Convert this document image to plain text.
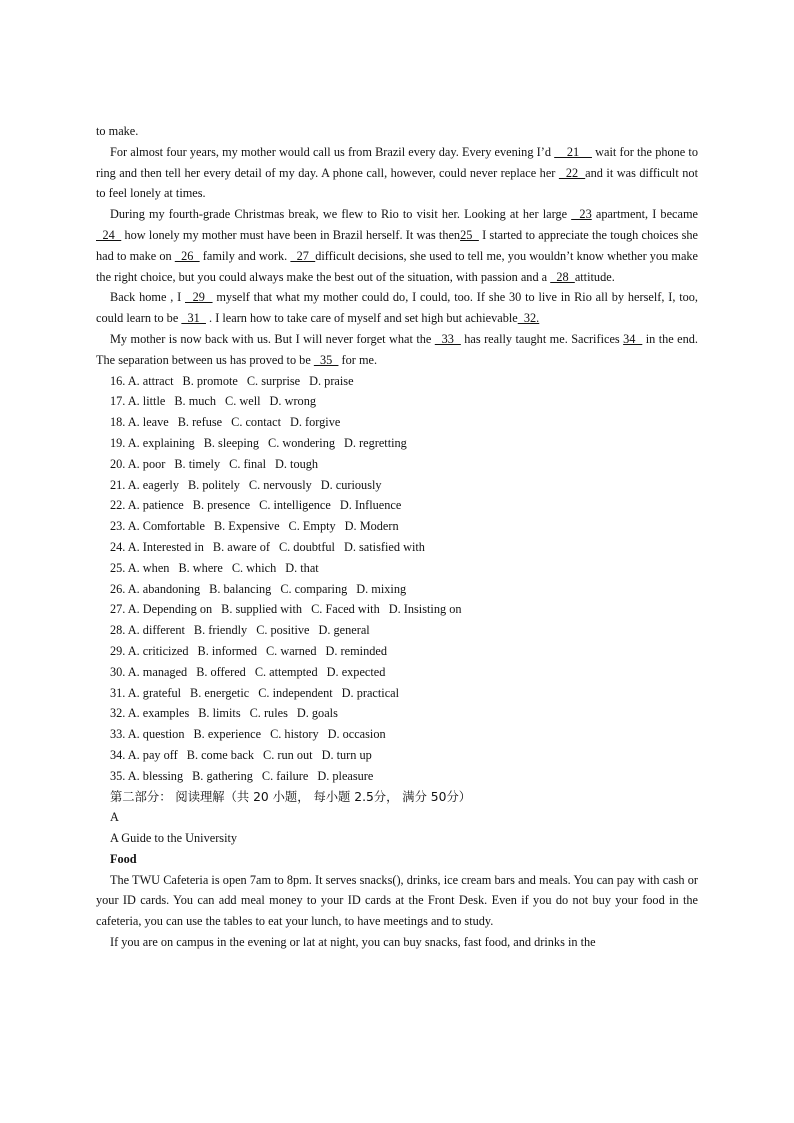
to make.

For almost four years, my mother would call us from Brazil every day. Every evening I’d     21     wait for the phone to ring and then tell her every detail of my day. A phone call, however, could never replace her   22  and it was difficult not to feel lonely at times.

During my fourth-grade Christmas break, we flew to Rio to visit her. Looking at her large   23 apartment, I became   24   how lonely my mother must have been in Brazil herself. It was then25   I started to appreciate the tough choices she had to make on   26   family and work.   27  difficult decisions, she used to tell me, you wouldn’t know whether you make the right choice, but you could always make the best out of the situation, with passion and a   28  attitude.

Back home , I   29   myself that what my mother could do, I could, too. If she 30 to live in Rio all by herself, I, too, could learn to be   31   . I learn how to take care of myself and set high but achievable  32.

My mother is now back with us. But I will never forget what the   33   has really taught me. Sacrifices 34   in the end. The separation between us has proved to be   35   for me.

16. A. attract B. promote C. surprise D. praise

17. A. little B. much C. well D. wrong

18. A. leave B. refuse C. contact D. forgive

19. A. explaining B. sleeping C. wondering D. regretting

20. A. poor B. timely C. final D. tough

21. A. eagerly B. politely C. nervously D. curiously

22. A. patience B. presence C. intelligence D. Influence

23. A. Comfortable B. Expensive C. Empty D. Modern

24. A. Interested in B. aware of C. doubtful D. satisfied with

25. A. when B. where C. which D. that

26. A. abandoning B. balancing C. comparing D. mixing

27. A. Depending on B. supplied with C. Faced with D. Insisting on

28. A. different B. friendly C. positive D. general

29. A. criticized B. informed C. warned D. reminded

30. A. managed B. offered C. attempted D. expected

31. A. grateful B. energetic C. independent D. practical

32. A. examples B. limits C. rules D. goals

33. A. question B. experience C. history D. occasion

34. A. pay off B. come back C. run out D. turn up

35. A. blessing B. gathering C. failure D. pleasure

第二部分： 阅读理解（共 20 小题， 每小题 2.5分， 满分 50分）

A

A Guide to the University

Food

The TWU Cafeteria is open 7am to 8pm. It serves snacks(), drinks, ice cream bars and meals. You can pay with cash or your ID cards. You can add meal money to your ID cards at the Front Desk. Even if you do not buy your food in the cafeteria, you can use the tables to eat your lunch, to have meetings and to study.

If you are on campus in the evening or lat at night, you can buy snacks, fast food, and drinks in the
